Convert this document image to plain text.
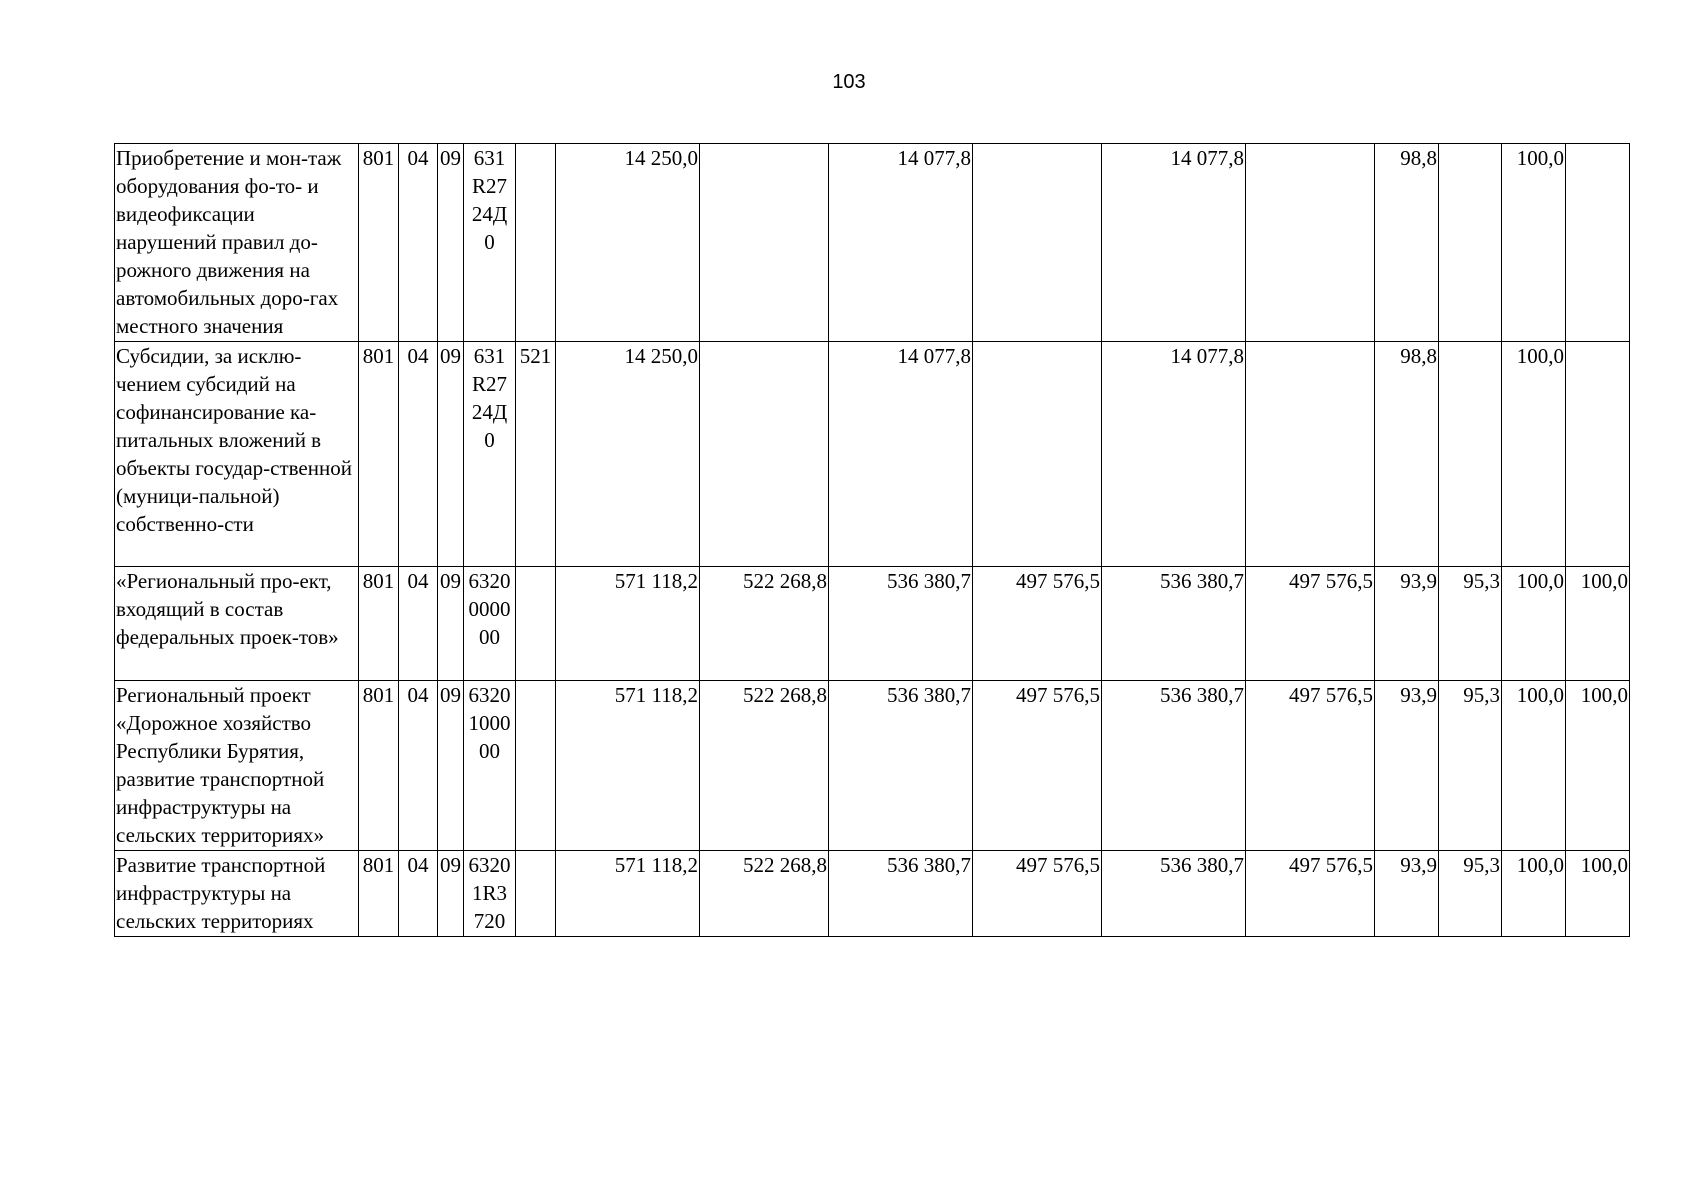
103
Приобретение и мон-таж оборудования фо-то- и видеофиксации нарушений правил до-рожного движения на автомобильных доро-гах местного значения	801	04	09	631 R27 24Д 0		14 250,0		14 077,8		14 077,8		98,8		100,0	
Субсидии, за исклю-чением субсидий на софинансирование ка-питальных вложений в объекты государ-ственной (муници-пальной) собственно-сти	801	04	09	631 R27 24Д 0	521	14 250,0		14 077,8		14 077,8		98,8		100,0	
«Региональный про-ект, входящий в состав федеральных проек-тов»	801	04	09	6320 0000 00		571 118,2	522 268,8	536 380,7	497 576,5	536 380,7	497 576,5	93,9	95,3	100,0	100,0
Региональный проект «Дорожное хозяйство Республики Бурятия, развитие транспортной инфраструктуры на сельских территориях»	801	04	09	6320 1000 00		571 118,2	522 268,8	536 380,7	497 576,5	536 380,7	497 576,5	93,9	95,3	100,0	100,0
Развитие транспортной инфраструктуры на сельских территориях	801	04	09	6320 1R3 720		571 118,2	522 268,8	536 380,7	497 576,5	536 380,7	497 576,5	93,9	95,3	100,0	100,0
